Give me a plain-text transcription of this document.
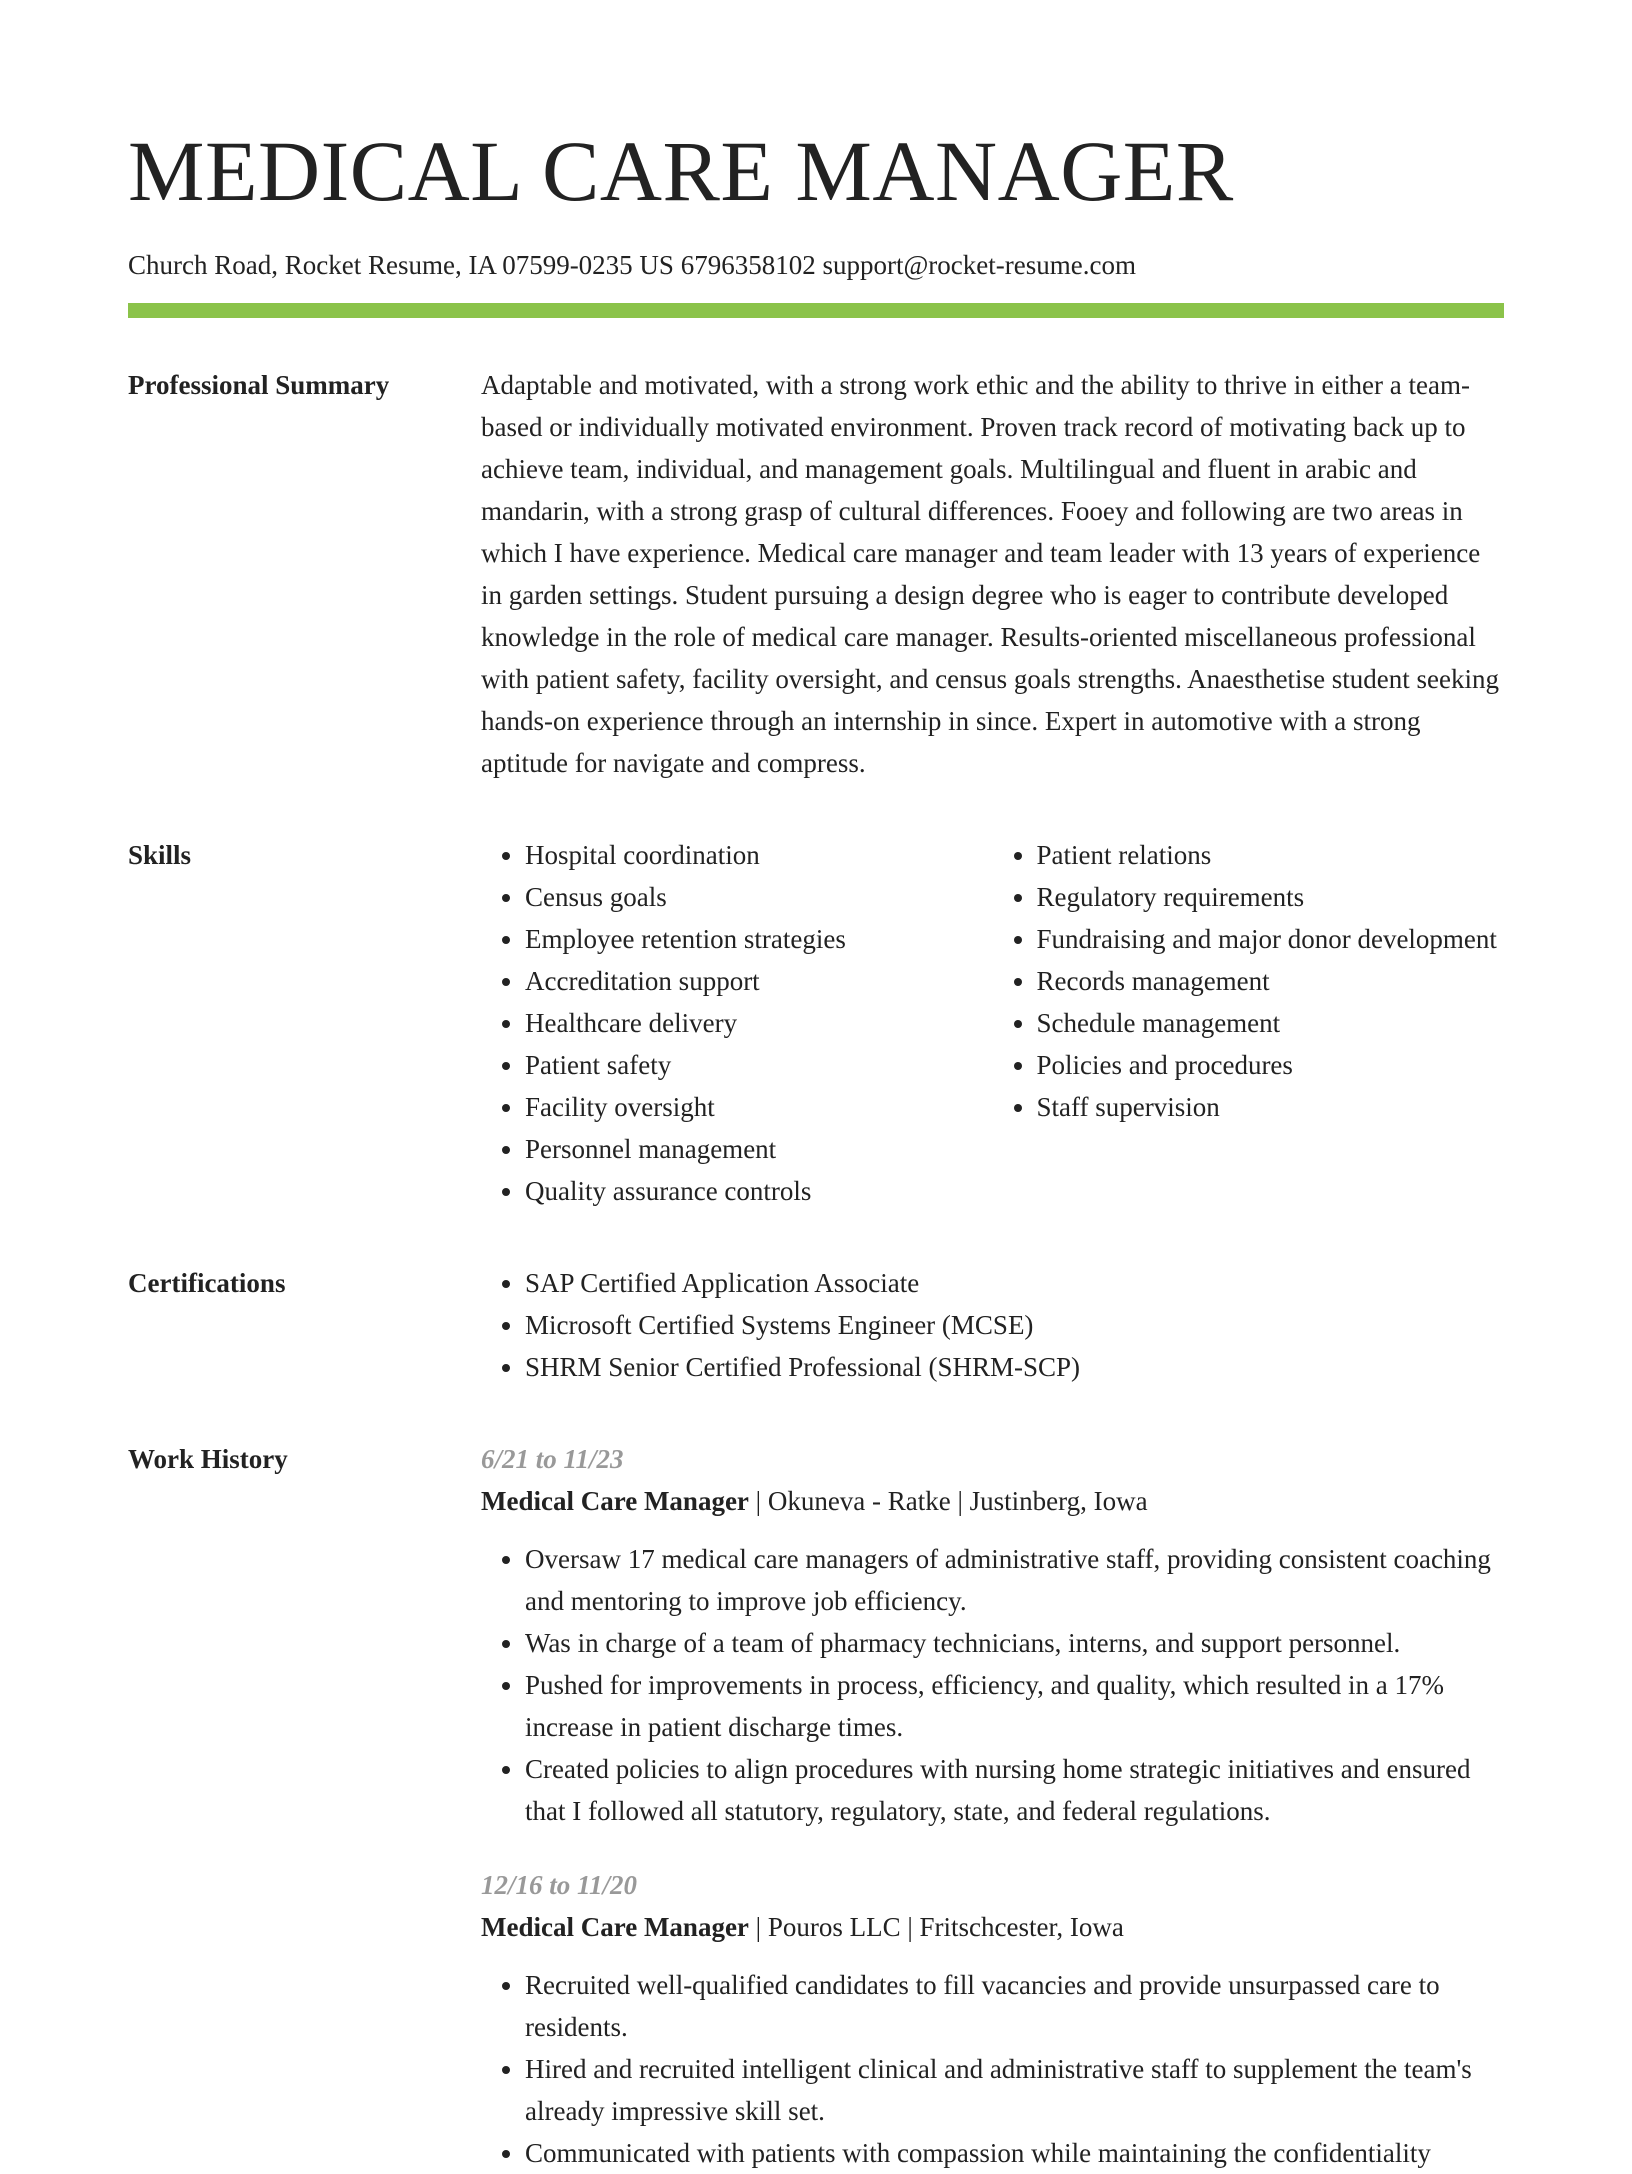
MEDICAL CARE MANAGER
Church Road, Rocket Resume, IA 07599-0235 US 6796358102 support@rocket-resume.com
Professional Summary	Adaptable and motivated, with a strong work ethic and the ability to thrive in either a team-based or individually motivated environment. Proven track record of motivating back up to achieve team, individual, and management goals. Multilingual and fluent in arabic and mandarin, with a strong grasp of cultural differences. Fooey and following are two areas in which I have experience. Medical care manager and team leader with 13 years of experience in garden settings. Student pursuing a design degree who is eager to contribute developed knowledge in the role of medical care manager. Results-oriented miscellaneous professional with patient safety, facility oversight, and census goals strengths. Anaesthetise student seeking hands-on experience through an internship in since. Expert in automotive with a strong aptitude for navigate and compress.

Skills	• Hospital coordination
• Census goals
• Employee retention strategies
• Accreditation support
• Healthcare delivery
• Patient safety
• Facility oversight
• Personnel management
• Quality assurance controls
• Patient relations
• Regulatory requirements
• Fundraising and major donor development
• Records management
• Schedule management
• Policies and procedures
• Staff supervision
Certifications	• SAP Certified Application Associate
• Microsoft Certified Systems Engineer (MCSE)
• SHRM Senior Certified Professional (SHRM-SCP)
Work History	6/21 to 11/23
Medical Care Manager | Okuneva - Ratke | Justinberg, Iowa
• Oversaw 17 medical care managers of administrative staff, providing consistent coaching and mentoring to improve job efficiency.
• Was in charge of a team of pharmacy technicians, interns, and support personnel.
• Pushed for improvements in process, efficiency, and quality, which resulted in a 17% increase in patient discharge times.
• Created policies to align procedures with nursing home strategic initiatives and ensured that I followed all statutory, regulatory, state, and federal regulations.
12/16 to 11/20
Medical Care Manager | Pouros LLC | Fritschcester, Iowa
• Recruited well-qualified candidates to fill vacancies and provide unsurpassed care to residents.
• Hired and recruited intelligent clinical and administrative staff to supplement the team's already impressive skill set.
• Communicated with patients with compassion while maintaining the confidentiality
